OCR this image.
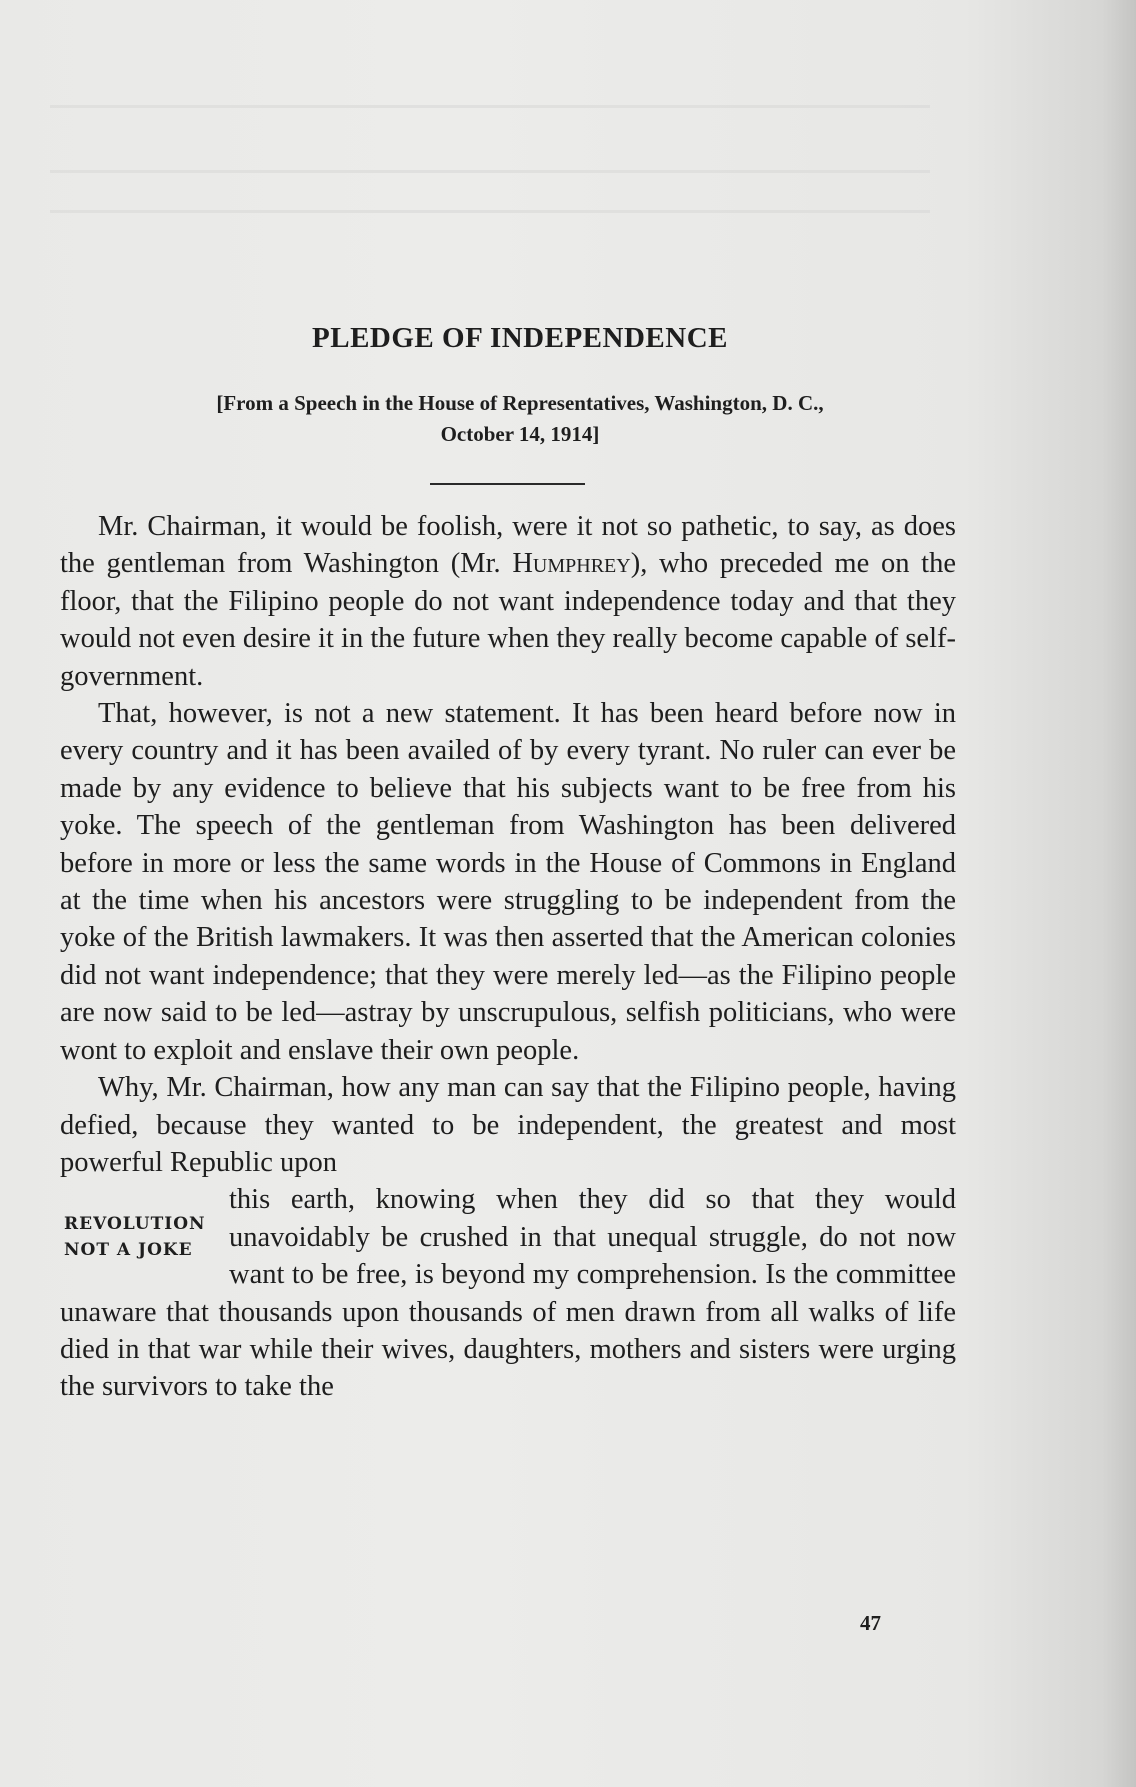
PLEDGE OF INDEPENDENCE
[From a Speech in the House of Representatives, Washington, D. C.,
October 14, 1914]

Mr. Chairman, it would be foolish, were it not so pathetic, to say, as does the gentleman from Washington (Mr. Humphrey), who preceded me on the floor, that the Filipino people do not want independence today and that they would not even desire it in the future when they really become capable of self-government.

That, however, is not a new statement. It has been heard before now in every country and it has been availed of by every tyrant. No ruler can ever be made by any evidence to believe that his subjects want to be free from his yoke. The speech of the gentleman from Washington has been delivered before in more or less the same words in the House of Commons in England at the time when his ancestors were struggling to be independent from the yoke of the British lawmakers. It was then asserted that the American colonies did not want independence; that they were merely led—as the Filipino people are now said to be led—astray by unscrupulous, selfish politicians, who were wont to exploit and enslave their own people.

Why, Mr. Chairman, how any man can say that the Filipino people, having defied, because they wanted to be independent, the greatest and most powerful Republic upon

REVOLUTION
NOT A JOKE
this earth, knowing when they did so that they would unavoidably be crushed in that unequal struggle, do not now want to be free, is beyond my comprehension. Is the committee unaware that thousands upon thousands of men drawn from all walks of life died in that war while their wives, daughters, mothers and sisters were urging the survivors to take the

47
